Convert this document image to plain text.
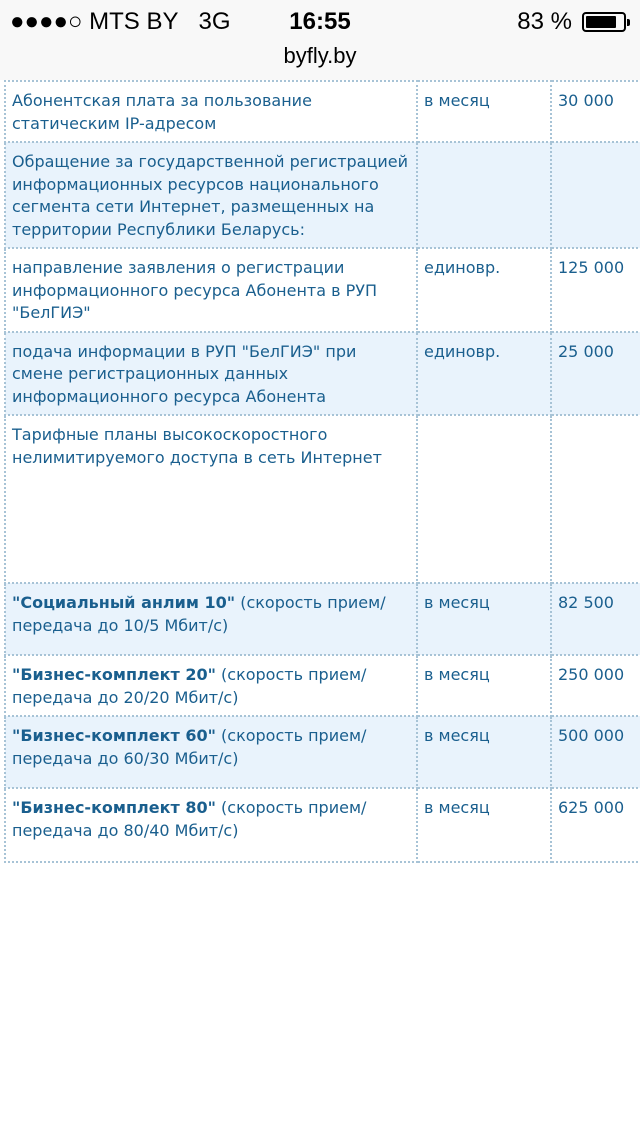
●●●●○ MTS BY 3G	16:55	83 %
byfly.by
Абонентская плата за пользование статическим IP-адресом	в месяц	30 000
Обращение за государственной регистрацией информационных ресурсов национального сегмента сети Интернет, размещенных на территории Республики Беларусь:		
направление заявления о регистрации информационного ресурса Абонента в РУП "БелГИЭ"	единовр.	125 000
подача информации в РУП "БелГИЭ" при смене регистрационных данных информационного ресурса Абонента	единовр.	25 000
Тарифные планы высокоскоростного нелимитируемого доступа в сеть Интернет		
"Социальный анлим 10" (скорость прием/передача до 10/5 Мбит/с)	в месяц	82 500
"Бизнес-комплект 20" (скорость прием/передача до 20/20 Мбит/с)	в месяц	250 000
"Бизнес-комплект 60" (скорость прием/передача до 60/30 Мбит/с)	в месяц	500 000
"Бизнес-комплект 80" (скорость прием/передача до 80/40 Мбит/с)	в месяц	625 000
